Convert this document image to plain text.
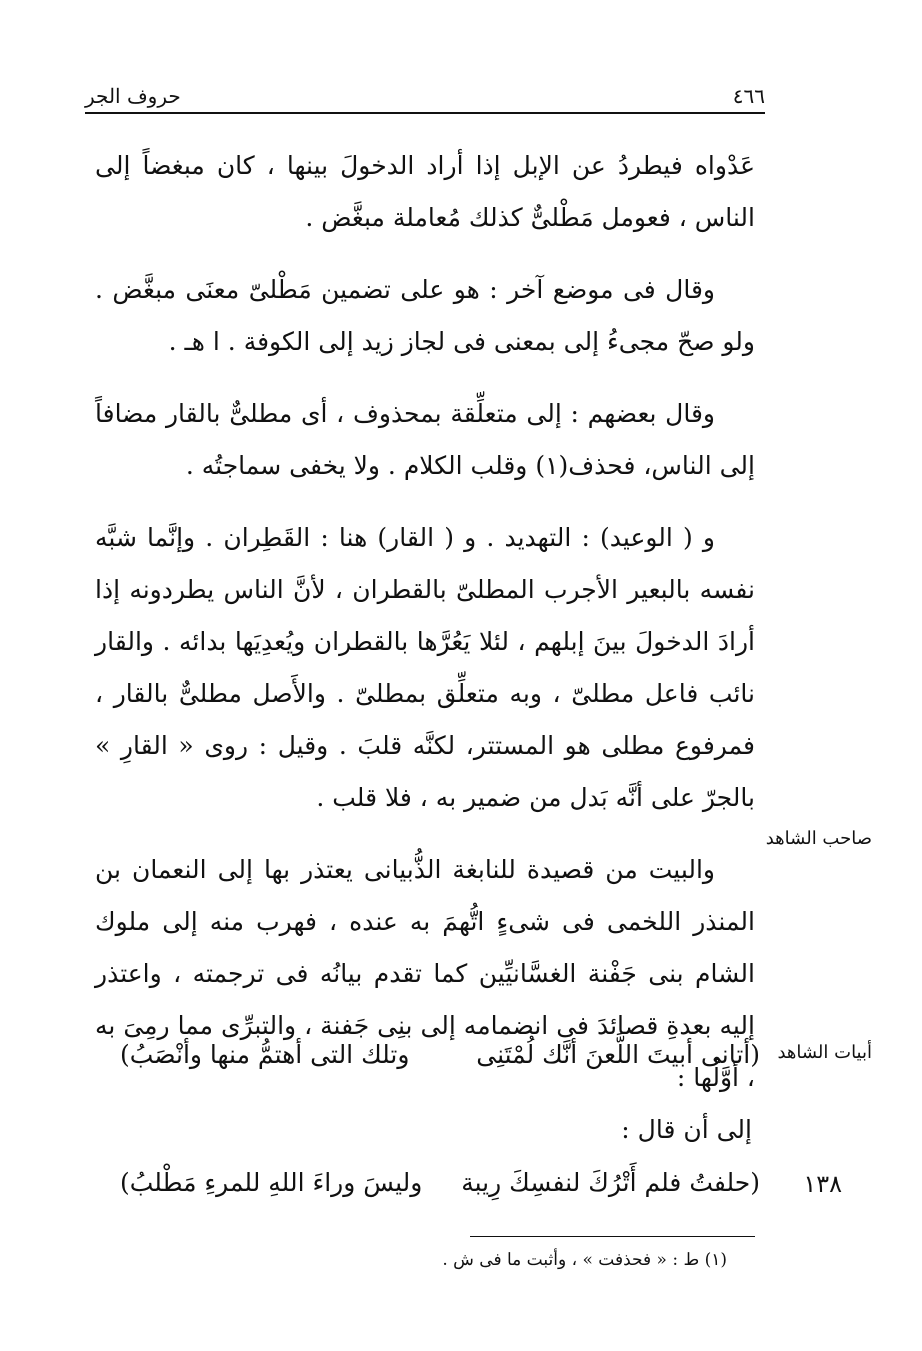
٤٦٦
حروف الجر

عَدْواه فيطردُ عن الإبل إذا أراد الدخولَ بينها ، كان مبغضاً إلى الناس ، فعومل مَطْلىٌّ كذلك مُعاملة مبغَّض .

وقال فى موضع آخر : هو على تضمين مَطْلىّ معنَى مبغَّض . ولو صحّ مجىءُ إلى بمعنى فى لجاز زيد إلى الكوفة . ا هـ .

وقال بعضهم : إلى متعلِّقة بمحذوف ، أى مطلىٌّ بالقار مضافاً إلى الناس، فحذف(١) وقلب الكلام . ولا يخفى سماجتُه .

و ( الوعيد) : التهديد . و ( القار) هنا : القَطِران . وإنَّما شبَّه نفسه بالبعير الأجرب المطلىّ بالقطران ، لأنَّ الناس يطردونه إذا أرادَ الدخولَ بينَ إبلهم ، لئلا يَعُرَّها بالقطران ويُعدِيَها بدائه . والقار نائب فاعل مطلىّ ، وبه متعلِّق بمطلىّ . والأَصل مطلىٌّ بالقار ، فمرفوع مطلى هو المستتر، لكنَّه قلبَ . وقيل : روى « القارِ » بالجرّ على أنَّه بَدل من ضمير به ، فلا قلب .

والبيت من قصيدة للنابغة الذُّبيانى يعتذر بها إلى النعمان بن المنذر اللخمى فى شىءٍ اتُّهمَ به عنده ، فهرب منه إلى ملوك الشام بنى جَفْنة الغسَّانيِّين كما تقدم بيانُه فى ترجمته ، واعتذر إليه بعدةِ قصائدَ فى انضمامه إلى بنِى جَفنة ، والتبرِّى مما رمِىَ به ، أوَّلُها :

صاحب الشاهد
أبيات الشاهد
(أتانى أبيتَ اللَّعنَ أنَّك لُمْتَنِى
وتلك التى أهتمُّ منها وأنْصَبُ)
إلى أن قال :
١٣٨
(حلفتُ فلم أَتْرُكَ لنفسِكَ رِيبة
وليسَ وراءَ اللهِ للمرءِ مَطْلبُ)
(١) ط : « فحذفت » ، وأثبت ما فى ش .
